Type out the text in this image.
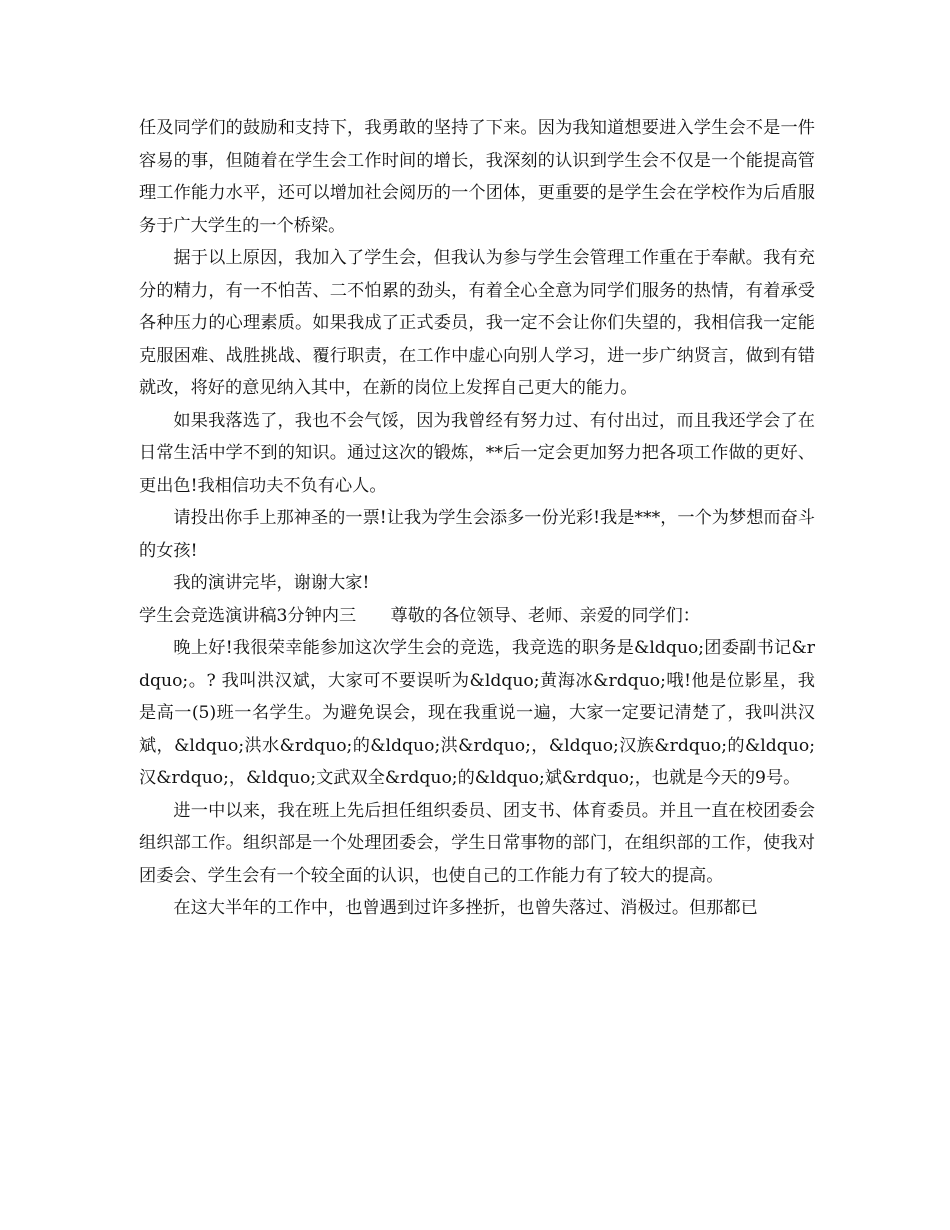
任及同学们的鼓励和支持下，我勇敢的坚持了下来。因为我知道想要进入学生会不是一件容易的事，但随着在学生会工作时间的增长，我深刻的认识到学生会不仅是一个能提高管理工作能力水平，还可以增加社会阅历的一个团体，更重要的是学生会在学校作为后盾服务于广大学生的一个桥梁。

据于以上原因，我加入了学生会，但我认为参与学生会管理工作重在于奉献。我有充分的精力，有一不怕苦、二不怕累的劲头，有着全心全意为同学们服务的热情，有着承受各种压力的心理素质。如果我成了正式委员，我一定不会让你们失望的，我相信我一定能克服困难、战胜挑战、覆行职责，在工作中虚心向别人学习，进一步广纳贤言，做到有错就改，将好的意见纳入其中，在新的岗位上发挥自己更大的能力。

如果我落选了，我也不会气馁，因为我曾经有努力过、有付出过，而且我还学会了在日常生活中学不到的知识。通过这次的锻炼，**后一定会更加努力把各项工作做的更好、更出色!我相信功夫不负有心人。

请投出你手上那神圣的一票!让我为学生会添多一份光彩!我是***，一个为梦想而奋斗的女孩!

我的演讲完毕，谢谢大家!

学生会竞选演讲稿3分钟内三　　尊敬的各位领导、老师、亲爱的同学们：

晚上好!我很荣幸能参加这次学生会的竞选，我竞选的职务是&ldquo;团委副书记&rdquo;。? 我叫洪汉斌，大家可不要误听为&ldquo;黄海冰&rdquo;哦!他是位影星，我是高一(5)班一名学生。为避免误会，现在我重说一遍，大家一定要记清楚了，我叫洪汉斌，&ldquo;洪水&rdquo;的&ldquo;洪&rdquo;，&ldquo;汉族&rdquo;的&ldquo;汉&rdquo;，&ldquo;文武双全&rdquo;的&ldquo;斌&rdquo;，也就是今天的9号。

进一中以来，我在班上先后担任组织委员、团支书、体育委员。并且一直在校团委会组织部工作。组织部是一个处理团委会，学生日常事物的部门，在组织部的工作，使我对团委会、学生会有一个较全面的认识，也使自己的工作能力有了较大的提高。

在这大半年的工作中，也曾遇到过许多挫折，也曾失落过、消极过。但那都已
